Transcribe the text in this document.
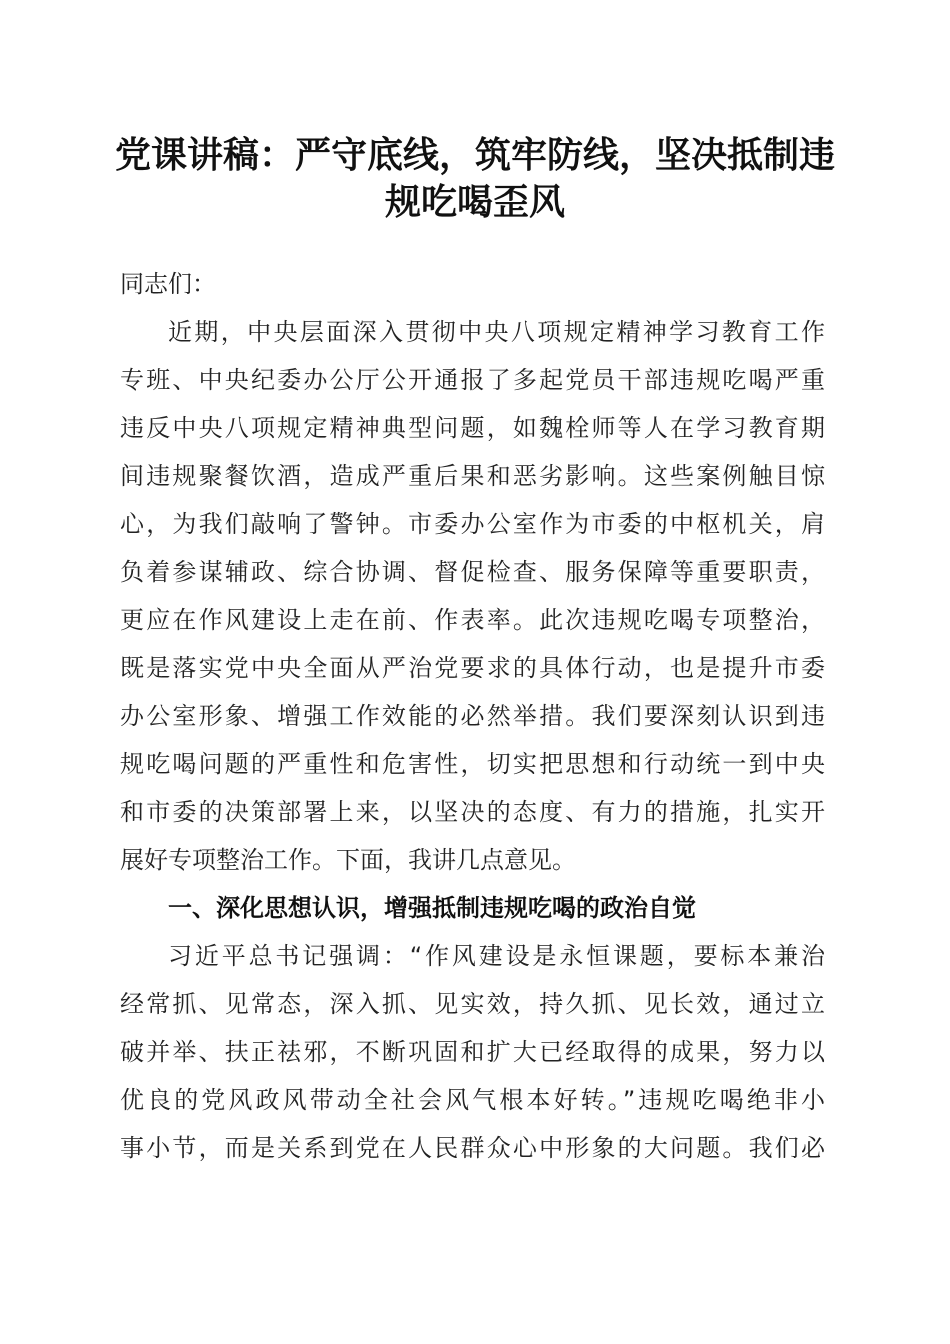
党课讲稿：严守底线，筑牢防线，坚决抵制违
规吃喝歪风
同志们：
近期，中央层面深入贯彻中央八项规定精神学习教育工作
专班、中央纪委办公厅公开通报了多起党员干部违规吃喝严重
违反中央八项规定精神典型问题，如魏栓师等人在学习教育期
间违规聚餐饮酒，造成严重后果和恶劣影响。这些案例触目惊
心，为我们敲响了警钟。市委办公室作为市委的中枢机关，肩
负着参谋辅政、综合协调、督促检查、服务保障等重要职责，
更应在作风建设上走在前、作表率。此次违规吃喝专项整治，
既是落实党中央全面从严治党要求的具体行动，也是提升市委
办公室形象、增强工作效能的必然举措。我们要深刻认识到违
规吃喝问题的严重性和危害性，切实把思想和行动统一到中央
和市委的决策部署上来，以坚决的态度、有力的措施，扎实开
展好专项整治工作。下面，我讲几点意见。
一、深化思想认识，增强抵制违规吃喝的政治自觉
习近平总书记强调：“作风建设是永恒课题，要标本兼治
经常抓、见常态，深入抓、见实效，持久抓、见长效，通过立
破并举、扶正祛邪，不断巩固和扩大已经取得的成果，努力以
优良的党风政风带动全社会风气根本好转。”违规吃喝绝非小
事小节，而是关系到党在人民群众心中形象的大问题。我们必
